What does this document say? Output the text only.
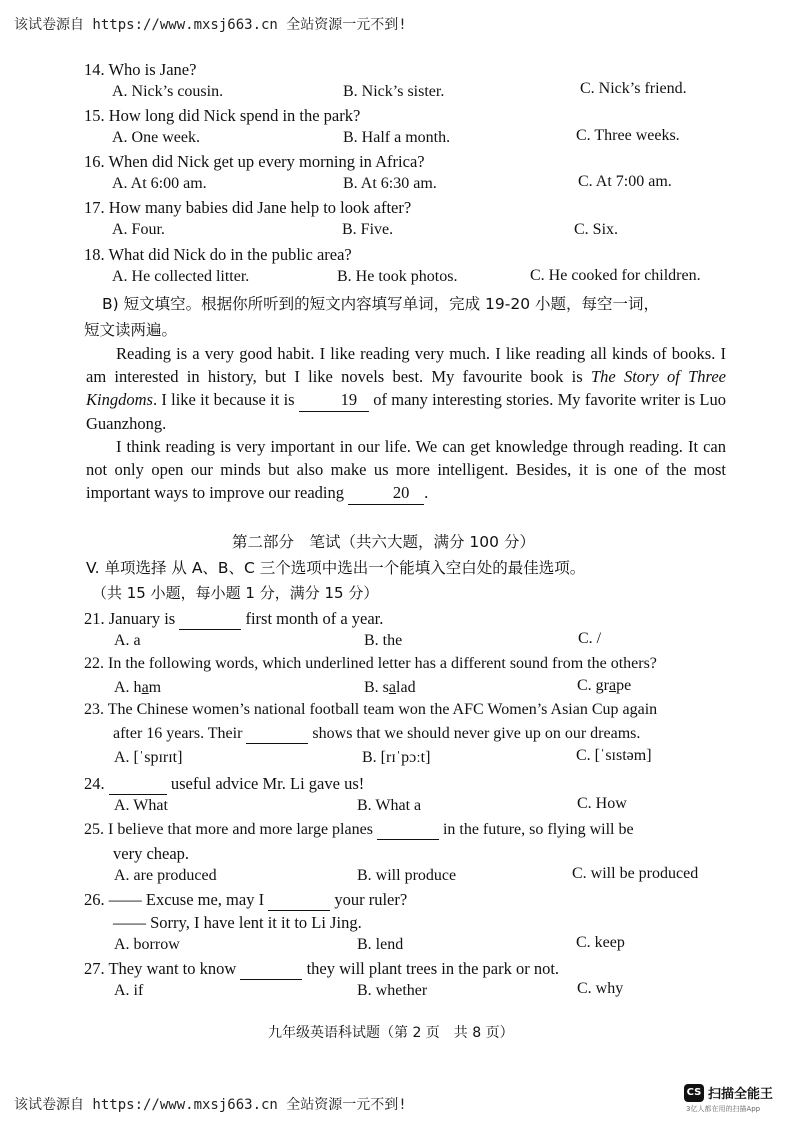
该试卷源自 https://www.mxsj663.cn 全站资源一元不到!
14. Who is Jane?
A. Nick’s cousin.	B. Nick’s sister.	C. Nick’s friend.
15. How long did Nick spend in the park?
A. One week.	B. Half a month.	C. Three weeks.
16. When did Nick get up every morning in Africa?
A. At 6:00 am.	B. At 6:30 am.	C. At 7:00 am.
17. How many babies did Jane help to look after?
A. Four.	B. Five.	C. Six.
18. What did Nick do in the public area?
A. He collected litter.	B. He took photos.	C. He cooked for children.
B) 短文填空。根据你所听到的短文内容填写单词，完成 19-20 小题，每空一词，
短文读两遍。
Reading is a very good habit. I like reading very much. I like reading all kinds of books. I am interested in history, but I like novels best. My favourite book is The Story of Three Kingdoms. I like it because it is	19 of many interesting stories. My favorite writer is Luo Guanzhong.
I think reading is very important in our life. We can get knowledge through reading. It can not only open our minds but also make us more intelligent. Besides, it is one of the most important ways to improve our reading	20 .
第二部分　笔试（共六大题，满分 100 分）
V. 单项选择 从 A、B、C 三个选项中选出一个能填入空白处的最佳选项。
（共 15 小题，每小题 1 分，满分 15 分）
21. January is	first month of a year.
A. a	B. the	C. /
22. In the following words, which underlined letter has a different sound from the others?
A. ham	B. salad	C. grape
23. The Chinese women’s national football team won the AFC Women’s Asian Cup again
after 16 years. Their	shows that we should never give up on our dreams.
A. [ˈspɪrɪt]	B. [rɪˈpɔːt]	C. [ˈsɪstəm]
24.	useful advice Mr. Li gave us!
A. What	B. What a	C. How
25. I believe that more and more large planes	in the future, so flying will be
very cheap.
A. are produced	B. will produce	C. will be produced
26. —— Excuse me, may I	your ruler?
—— Sorry, I have lent it it to Li Jing.
A. borrow	B. lend	C. keep
27. They want to know	they will plant trees in the park or not.
A. if	B. whether	C. why
九年级英语科试题（第 2 页　共 8 页）
该试卷源自 https://www.mxsj663.cn 全站资源一元不到!
CS 扫描全能王
3亿人都在用的扫描App
